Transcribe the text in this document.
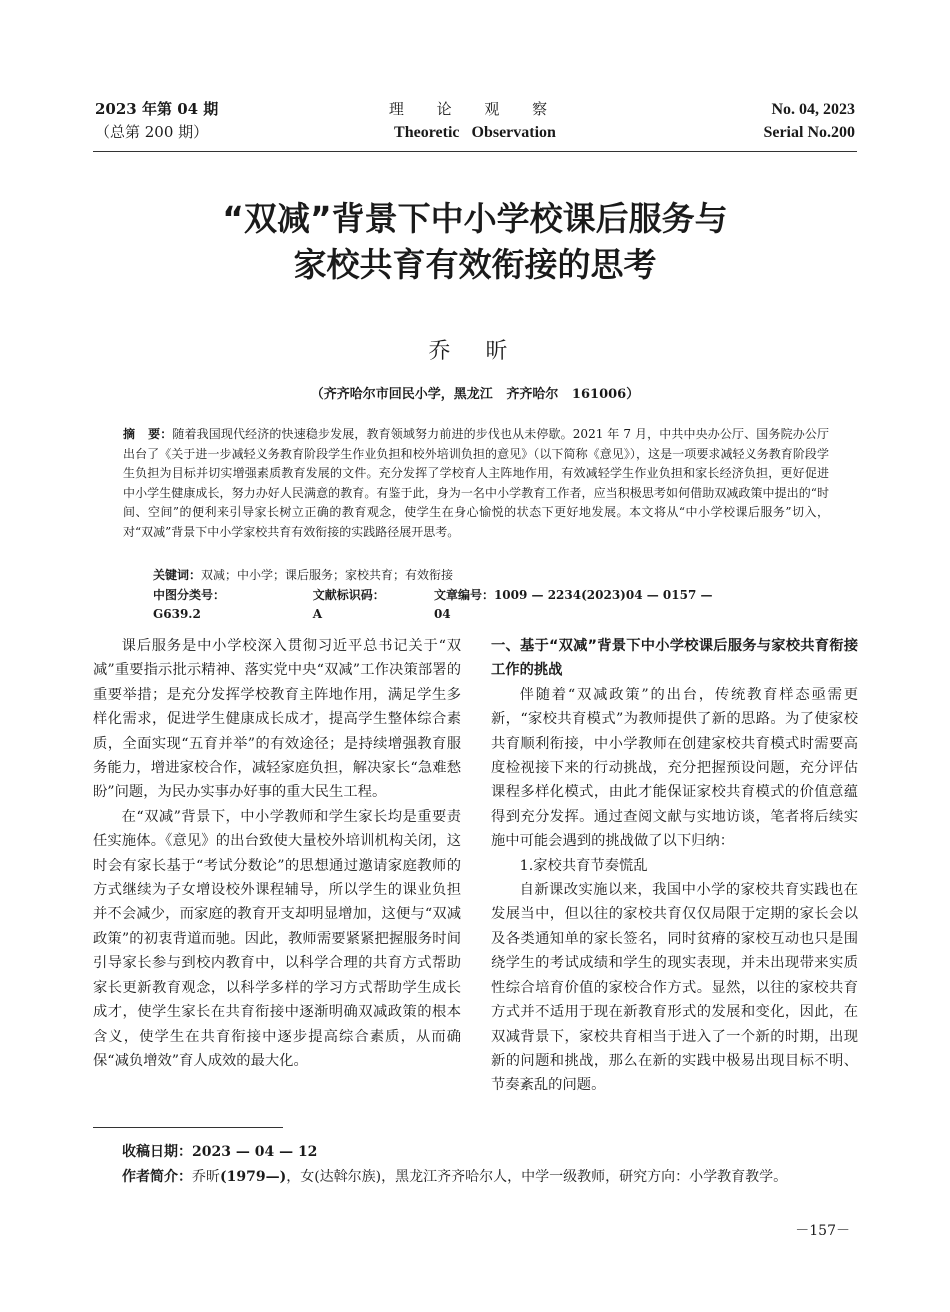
2023 年第 04 期
（总第 200 期）
理 论 观 察
Theoretic   Observation
No. 04, 2023
Serial No.200
“双减”背景下中小学校课后服务与
家校共育有效衔接的思考
乔 昕
（齐齐哈尔市回民小学，黑龙江   齐齐哈尔   161006）
摘   要：随着我国现代经济的快速稳步发展，教育领域努力前进的步伐也从未停歇。2021 年 7 月，中共中央办公厅、国务院办公厅出台了《关于进一步减轻义务教育阶段学生作业负担和校外培训负担的意见》（以下简称《意见》），这是一项要求减轻义务教育阶段学生负担为目标并切实增强素质教育发展的文件。充分发挥了学校育人主阵地作用，有效减轻学生作业负担和家长经济负担，更好促进中小学生健康成长，努力办好人民满意的教育。有鉴于此，身为一名中小学教育工作者，应当积极思考如何借助双减政策中提出的“时间、空间”的便利来引导家长树立正确的教育观念，使学生在身心愉悦的状态下更好地发展。本文将从“中小学校课后服务”切入，对“双减”背景下中小学家校共育有效衔接的实践路径展开思考。
关键词：双减；中小学；课后服务；家校共育；有效衔接
中图分类号：G639.2
文献标识码：A
文章编号：1009 — 2234(2023)04 — 0157 — 04

课后服务是中小学校深入贯彻习近平总书记关于“双减”重要指示批示精神、落实党中央“双减”工作决策部署的重要举措；是充分发挥学校教育主阵地作用，满足学生多样化需求，促进学生健康成长成才，提高学生整体综合素质，全面实现“五育并举”的有效途径；是持续增强教育服务能力，增进家校合作，减轻家庭负担，解决家长“急难愁盼”问题，为民办实事办好事的重大民生工程。

在“双减”背景下，中小学教师和学生家长均是重要责任实施体。《意见》的出台致使大量校外培训机构关闭，这时会有家长基于“考试分数论”的思想通过邀请家庭教师的方式继续为子女增设校外课程辅导，所以学生的课业负担并不会减少，而家庭的教育开支却明显增加，这便与“双减政策”的初衷背道而驰。因此，教师需要紧紧把握服务时间引导家长参与到校内教育中，以科学合理的共育方式帮助家长更新教育观念，以科学多样的学习方式帮助学生成长成才，使学生家长在共育衔接中逐渐明确双减政策的根本含义，使学生在共育衔接中逐步提高综合素质，从而确保“减负增效”育人成效的最大化。

一、基于“双减”背景下中小学校课后服务与家校共育衔接工作的挑战

伴随着“双减政策”的出台，传统教育样态亟需更新，“家校共育模式”为教师提供了新的思路。为了使家校共育顺利衔接，中小学教师在创建家校共育模式时需要高度检视接下来的行动挑战，充分把握预设问题，充分评估课程多样化模式，由此才能保证家校共育模式的价值意蕴得到充分发挥。通过查阅文献与实地访谈，笔者将后续实施中可能会遇到的挑战做了以下归纳：

1.家校共育节奏慌乱

自新课改实施以来，我国中小学的家校共育实践也在发展当中，但以往的家校共育仅仅局限于定期的家长会以及各类通知单的家长签名，同时贫瘠的家校互动也只是围绕学生的考试成绩和学生的现实表现，并未出现带来实质性综合培育价值的家校合作方式。显然，以往的家校共育方式并不适用于现在新教育形式的发展和变化，因此，在双减背景下，家校共育相当于进入了一个新的时期，出现新的问题和挑战，那么在新的实践中极易出现目标不明、节奏紊乱的问题。

收稿日期：2023 — 04 — 12
作者简介：乔昕(1979—)，女(达斡尔族)，黑龙江齐齐哈尔人，中学一级教师，研究方向：小学教育教学。
－157－
